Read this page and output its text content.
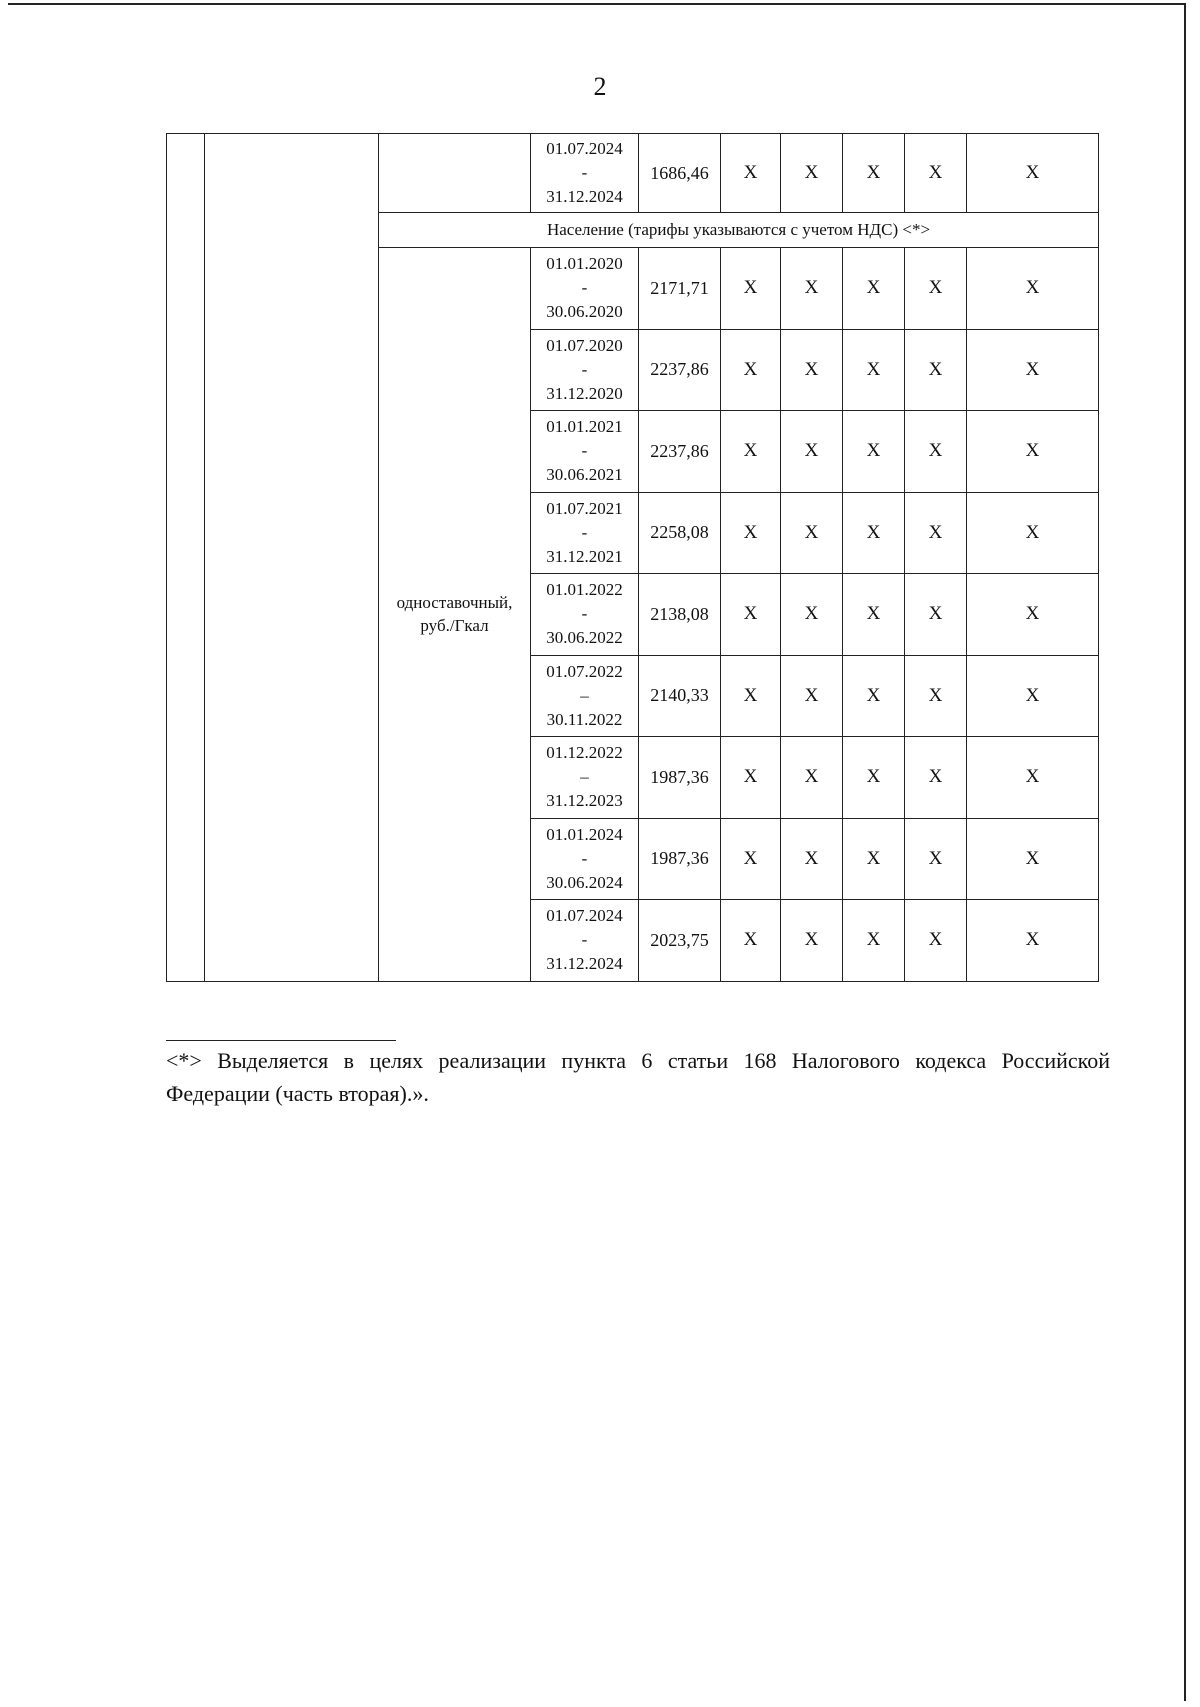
2

			01.07.2024
-
31.12.2024	1686,46	X	X	X	X	X
		Население (тарифы указываются с учетом НДС) <*>							
		одноставочный, руб./Гкал	01.01.2020
-
30.06.2020	2171,71	X	X	X	X	X

			01.07.2020
-
31.12.2020	2237,86	X	X	X	X	X

			01.01.2021
-
30.06.2021	2237,86	X	X	X	X	X

			01.07.2021
-
31.12.2021	2258,08	X	X	X	X	X

			01.01.2022
-
30.06.2022	2138,08	X	X	X	X	X

			01.07.2022
–
30.11.2022	2140,33	X	X	X	X	X

			01.12.2022
–
31.12.2023	1987,36	X	X	X	X	X

			01.01.2024
-
30.06.2024	1987,36	X	X	X	X	X

			01.07.2024
-
31.12.2024	2023,75	X	X	X	X	X
<*> Выделяется в целях реализации пункта 6 статьи 168 Налогового кодекса Российской Федерации (часть вторая).».
